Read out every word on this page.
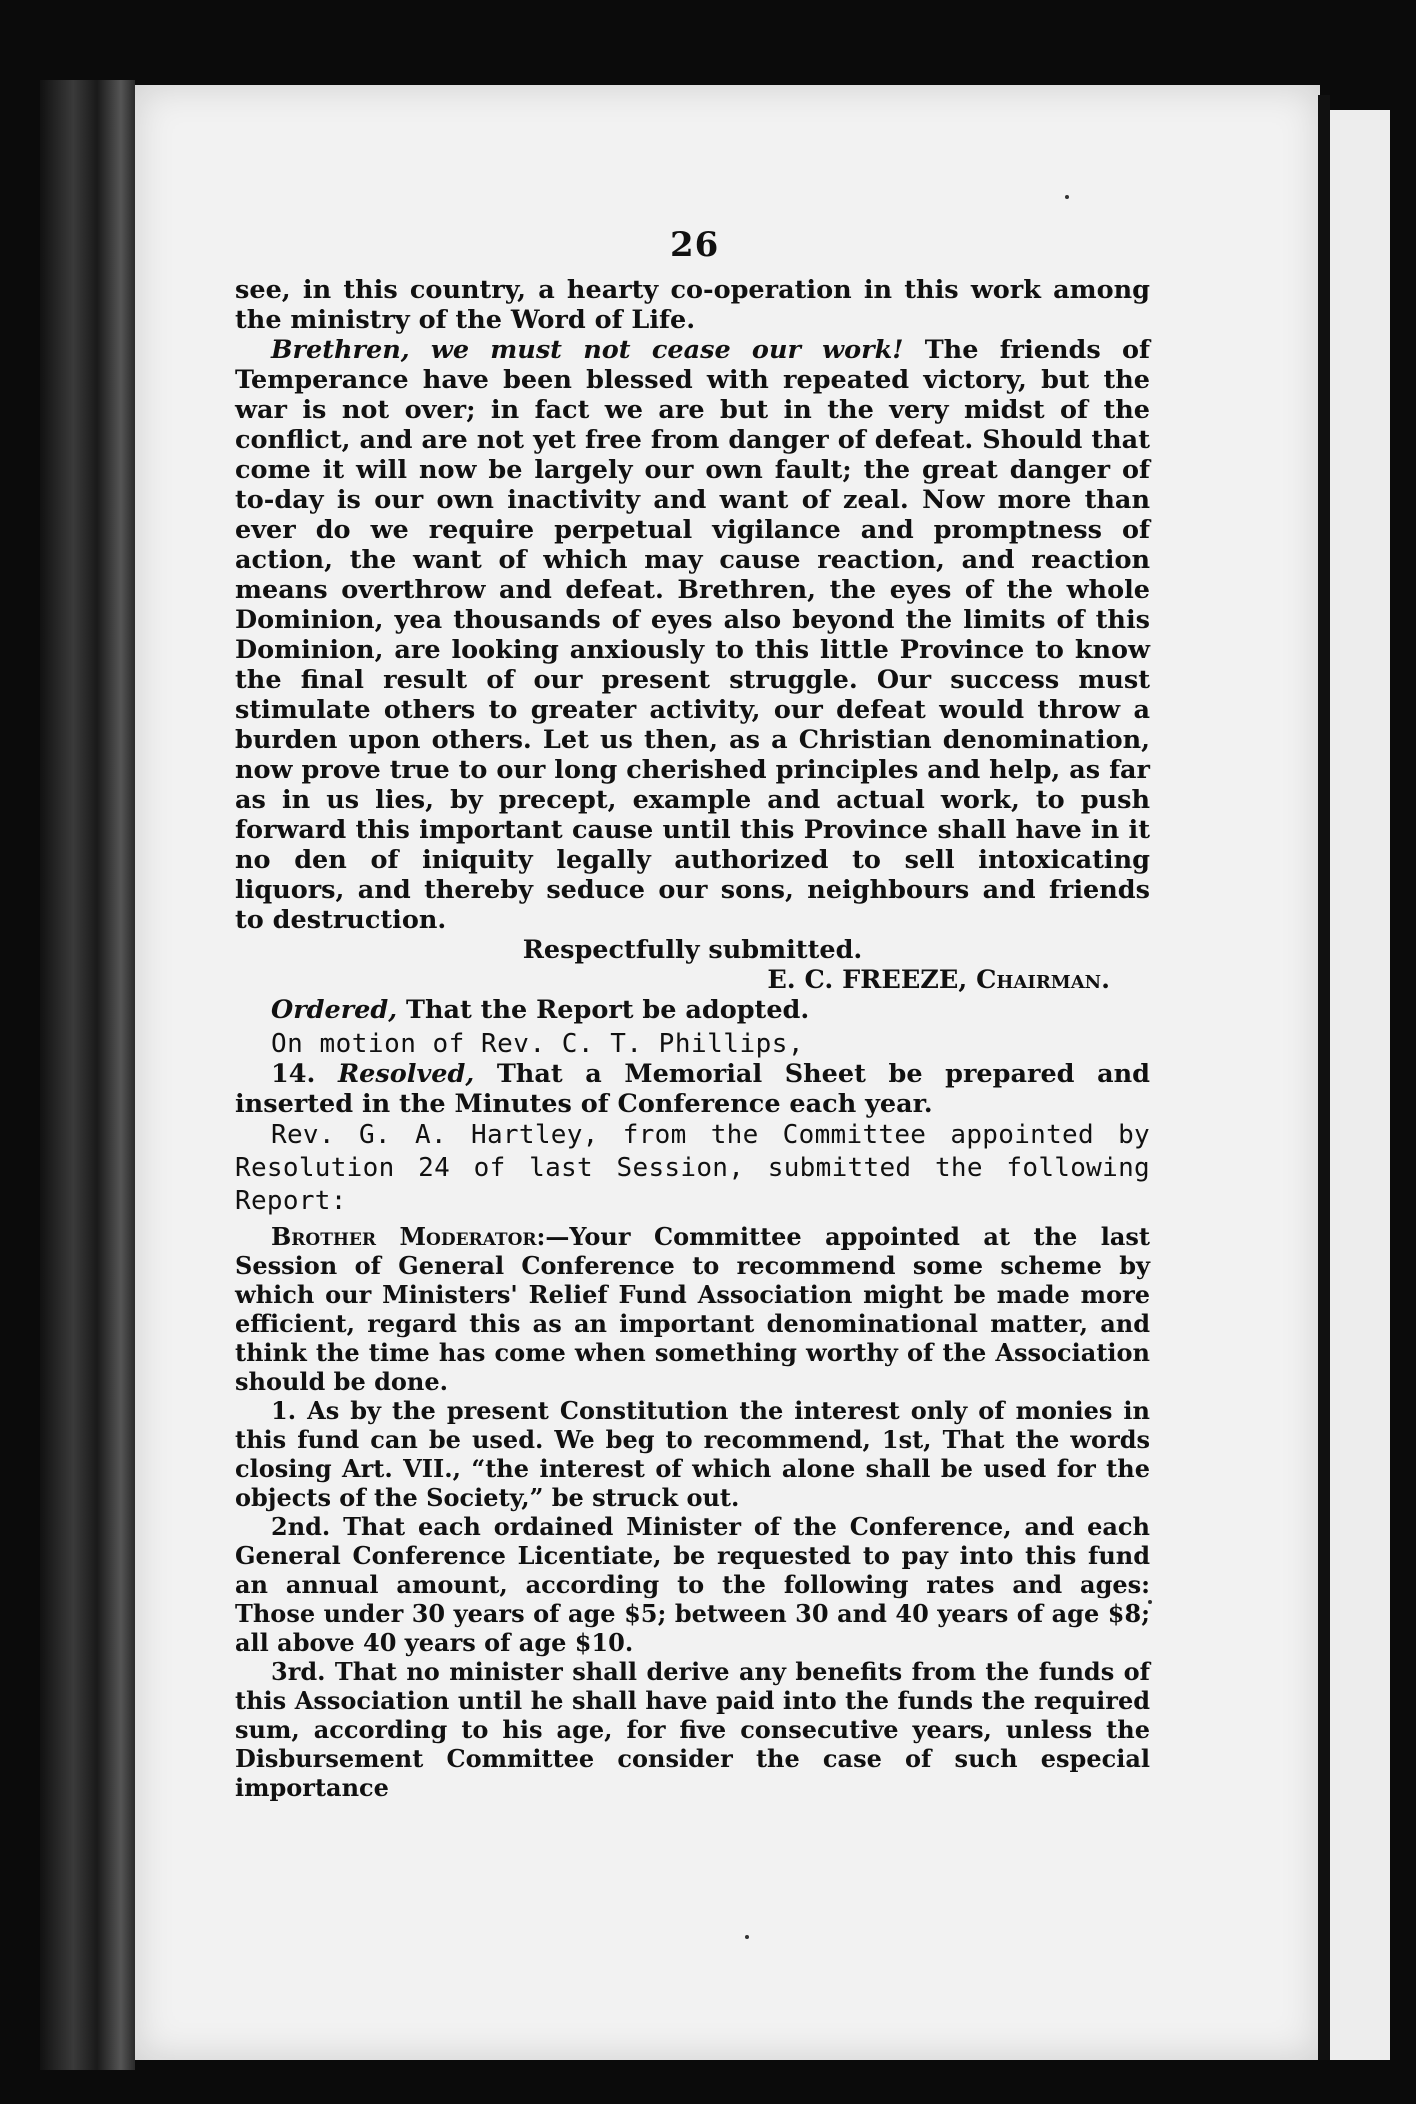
26

see, in this country, a hearty co-operation in this work among the ministry of the Word of Life.

Brethren, we must not cease our work! The friends of Temperance have been blessed with repeated victory, but the war is not over; in fact we are but in the very midst of the conflict, and are not yet free from danger of defeat. Should that come it will now be largely our own fault; the great danger of to-day is our own inactivity and want of zeal. Now more than ever do we require perpetual vigilance and promptness of action, the want of which may cause reaction, and reaction means overthrow and defeat. Brethren, the eyes of the whole Dominion, yea thousands of eyes also beyond the limits of this Dominion, are looking anxiously to this little Province to know the final result of our present struggle. Our success must stimulate others to greater activity, our defeat would throw a burden upon others. Let us then, as a Christian denomination, now prove true to our long cherished principles and help, as far as in us lies, by precept, example and actual work, to push forward this important cause until this Province shall have in it no den of iniquity legally authorized to sell intoxicating liquors, and thereby seduce our sons, neighbours and friends to destruction.

Respectfully submitted.

E. C. FREEZE, Chairman.

Ordered, That the Report be adopted.

On motion of Rev. C. T. Phillips,

14. Resolved, That a Memorial Sheet be prepared and inserted in the Minutes of Conference each year.

Rev. G. A. Hartley, from the Committee appointed by Resolution 24 of last Session, submitted the following Report:

Brother Moderator:—Your Committee appointed at the last Session of General Conference to recommend some scheme by which our Ministers' Relief Fund Association might be made more efficient, regard this as an important denominational matter, and think the time has come when something worthy of the Association should be done.

1. As by the present Constitution the interest only of monies in this fund can be used. We beg to recommend, 1st, That the words closing Art. VII., “the interest of which alone shall be used for the objects of the Society,” be struck out.

2nd. That each ordained Minister of the Conference, and each General Conference Licentiate, be requested to pay into this fund an annual amount, according to the following rates and ages: Those under 30 years of age $5; between 30 and 40 years of age $8; all above 40 years of age $10.

3rd. That no minister shall derive any benefits from the funds of this Association until he shall have paid into the funds the required sum, according to his age, for five consecutive years, unless the Disbursement Committee consider the case of such especial importance
